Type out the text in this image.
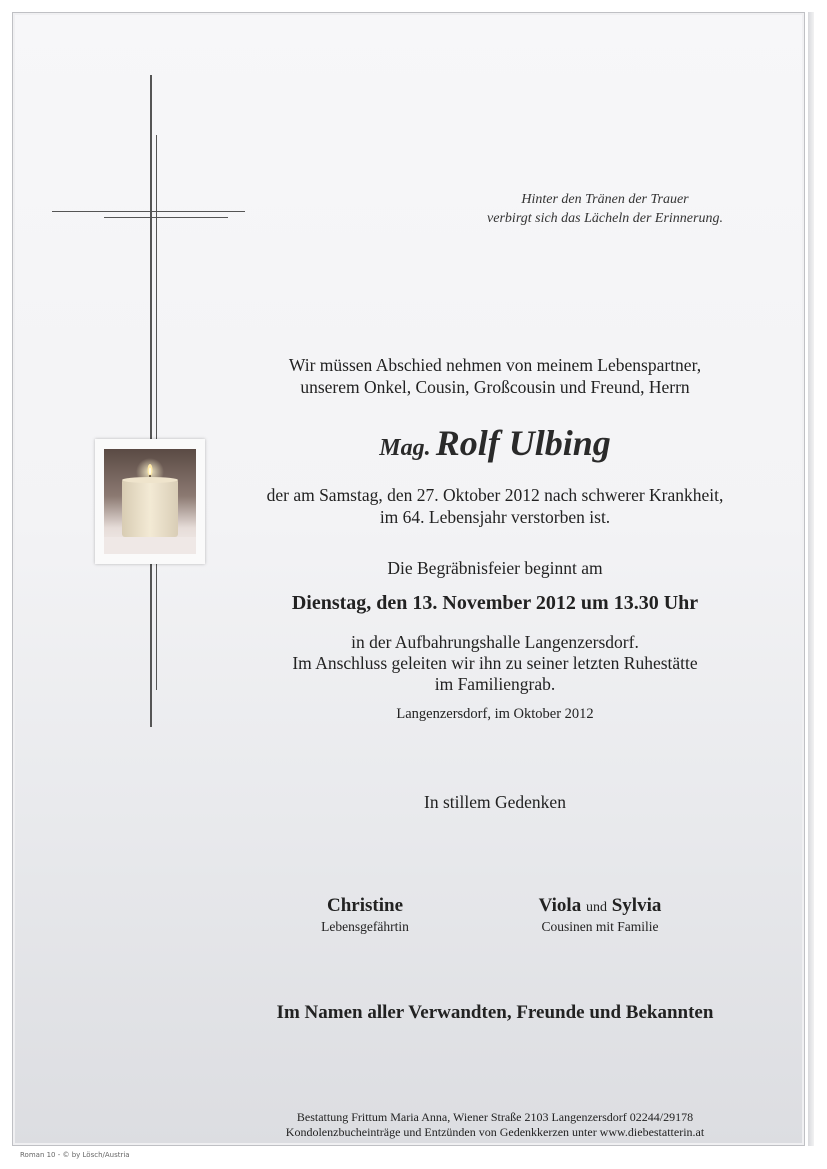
Hinter den Tränen der Trauer
verbirgt sich das Lächeln der Erinnerung.
Wir müssen Abschied nehmen von meinem Lebenspartner,
unserem Onkel, Cousin, Großcousin und Freund, Herrn
Mag. Rolf Ulbing
der am Samstag, den 27. Oktober 2012 nach schwerer Krankheit,
im 64. Lebensjahr verstorben ist.
Die Begräbnisfeier beginnt am
Dienstag, den 13. November 2012 um 13.30 Uhr
in der Aufbahrungshalle Langenzersdorf.
Im Anschluss geleiten wir ihn zu seiner letzten Ruhestätte
im Familiengrab.
Langenzersdorf, im Oktober 2012
In stillem Gedenken
Christine
Lebensgefährtin
Viola und Sylvia
Cousinen mit Familie
Im Namen aller Verwandten, Freunde und Bekannten
Bestattung Frittum Maria Anna, Wiener Straße 2103 Langenzersdorf 02244/29178
Kondolenzbucheinträge und Entzünden von Gedenkkerzen unter www.diebestatterin.at
Roman 10 - © by Lösch/Austria
